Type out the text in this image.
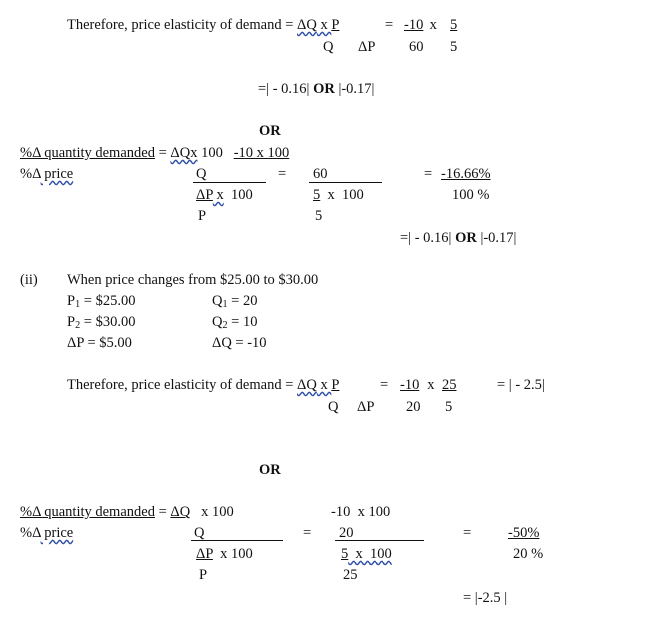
Therefore, price elasticity of demand = ΔQ x P	= -10 x 5
Q ΔP 60 5
=| - 0.16| OR |-0.17|
OR
%Δ quantity demanded = ΔQx 100   -10 x 100
%Δ price	Q	= 60	= -16.66%
ΔP x  100	5  x  100	100 %
P	5
=| - 0.16| OR |-0.17|
(ii) When price changes from $25.00 to $30.00
$P_1$ = $25.00	$Q_1 = 20$
$P_2$ = $30.00	$Q_2 = 10$
ΔP = $5.00	ΔQ = -10
Therefore, price elasticity of demand = ΔQ x P	= -10 x 25	= | - 2.5|
Q ΔP 20 5
OR
%Δ quantity demanded = ΔQ   x 100	-10  x 100
%Δ price	Q	= 20	=	-50%
ΔP  x 100	5  x  100	20 %
P	25
= |-2.5 |
